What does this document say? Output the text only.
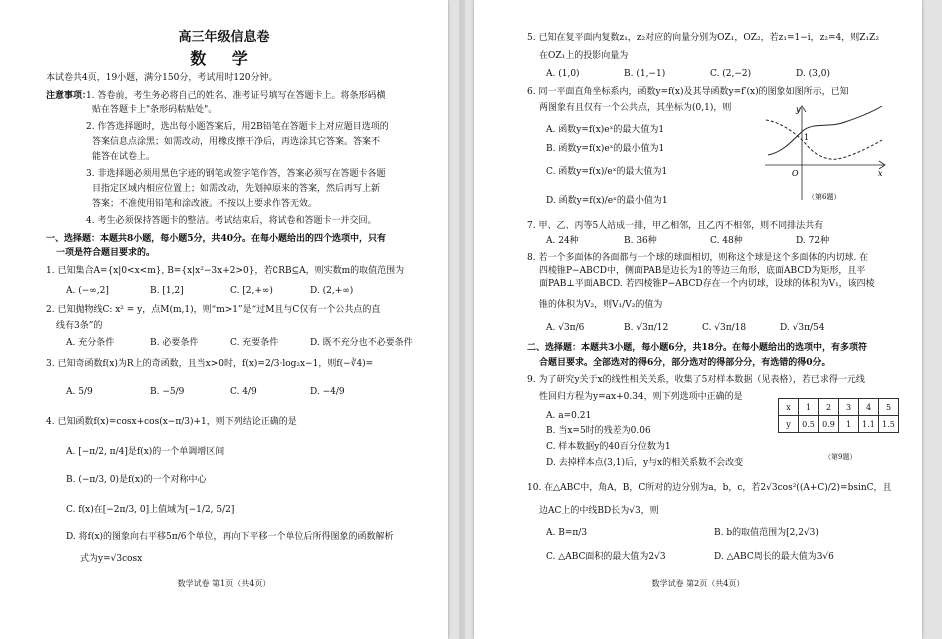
高三年级信息卷
数 学
本试卷共4页，19小题，满分150分，考试用时120分钟。
注意事项：
1. 答卷前，考生务必将自己的姓名、准考证号填写在答题卡上。将条形码横
贴在答题卡上"条形码粘贴处"。
2. 作答选择题时，选出每小题答案后，用2B铅笔在答题卡上对应题目选项的
答案信息点涂黑；如需改动，用橡皮擦干净后，再选涂其它答案。答案不
能答在试卷上。
3. 非选择题必须用黑色字迹的钢笔或签字笔作答，答案必须写在答题卡各题
目指定区域内相应位置上；如需改动，先划掉原来的答案，然后再写上新
答案；不准使用铅笔和涂改液。不按以上要求作答无效。
4. 考生必须保持答题卡的整洁。考试结束后，将试卷和答题卡一并交回。
一、选择题：本题共8小题，每小题5分，共40分。在每小题给出的四个选项中，只有
一项是符合题目要求的。
1. 已知集合A={x|0<x<m}, B={x|x²−3x+2>0}，若∁RB⊆A，则实数m的取值范围为
A. (−∞,2]	B. [1,2]	C. [2,+∞)	D. (2,+∞)
2. 已知抛物线C: x² = y，点M(m,1)，则“m>1”是“过M且与C仅有一个公共点的直
线有3条”的
A. 充分条件	B. 必要条件	C. 充要条件	D. 既不充分也不必要条件
3. 已知奇函数f(x)为R上的奇函数，且当x>0时，f(x)=2/3·log₂x−1，则f(−∛4)=
A. 5/9	B. −5/9	C. 4/9	D. −4/9
4. 已知函数f(x)=cosx+cos(x−π/3)+1，则下列结论正确的是
A. [−π/2, π/4]是f(x)的一个单调增区间
B. (−π/3, 0)是f(x)的一个对称中心
C. f(x)在[−2π/3, 0]上值域为[−1/2, 5/2]
D. 将f(x)的图象向右平移5π/6个单位，再向下平移一个单位后所得图象的函数解析
式为y=√3cosx
数学试卷 第1页（共4页）
5. 已知在复平面内复数z₁，z₂对应的向量分别为OZ₁，OZ₂，若z₁=1−i，z₂=4，则Z₁Z₂
在OZ₁上的投影向量为
A. (1,0)	B. (1,−1)	C. (2,−2)	D. (3,0)
6. 同一平面直角坐标系内，函数y=f(x)及其导函数y=f′(x)的图象如图所示，已知
两图象有且仅有一个公共点，其坐标为(0,1)，则
A. 函数y=f(x)eˣ的最大值为1
B. 函数y=f(x)eˣ的最小值为1
C. 函数y=f(x)/eˣ的最大值为1
D. 函数y=f(x)/eˣ的最小值为1
y
x
O
1
（第6题）
7. 甲、乙、丙等5人站成一排，甲乙相邻，且乙丙不相邻，则不同排法共有
A. 24种	B. 36种	C. 48种	D. 72种
8. 若一个多面体的各面都与一个球的球面相切，则称这个球是这个多面体的内切球. 在
四棱锥P−ABCD中，侧面PAB是边长为1的等边三角形，底面ABCD为矩形，且平
面PAB⊥平面ABCD. 若四棱锥P−ABCD存在一个内切球，设球的体积为V₁，该四棱
锥的体积为V₂，则V₁/V₂的值为
A. √3π/6	B. √3π/12	C. √3π/18	D. √3π/54
二、选择题：本题共3小题，每小题6分，共18分。在每小题给出的选项中，有多项符
合题目要求。全部选对的得6分，部分选对的得部分分，有选错的得0分。
9. 为了研究y关于x的线性相关关系，收集了5对样本数据（见表格），若已求得一元线
性回归方程为y=ax+0.34，则下列选项中正确的是
A. a=0.21
B. 当x=5时的残差为0.06
C. 样本数据y的40百分位数为1
D. 去掉样本点(3,1)后，y与x的相关系数不会改变
x	1	2	3	4	5
y	0.5	0.9	1	1.1	1.5
（第9题）
10. 在△ABC中，角A，B，C所对的边分别为a，b，c，若2√3cos²((A+C)/2)=bsinC，且
边AC上的中线BD长为√3，则
A. B=π/3	B. b的取值范围为[2,2√3)
C. △ABC面积的最大值为2√3	D. △ABC周长的最大值为3√6
数学试卷 第2页（共4页）
